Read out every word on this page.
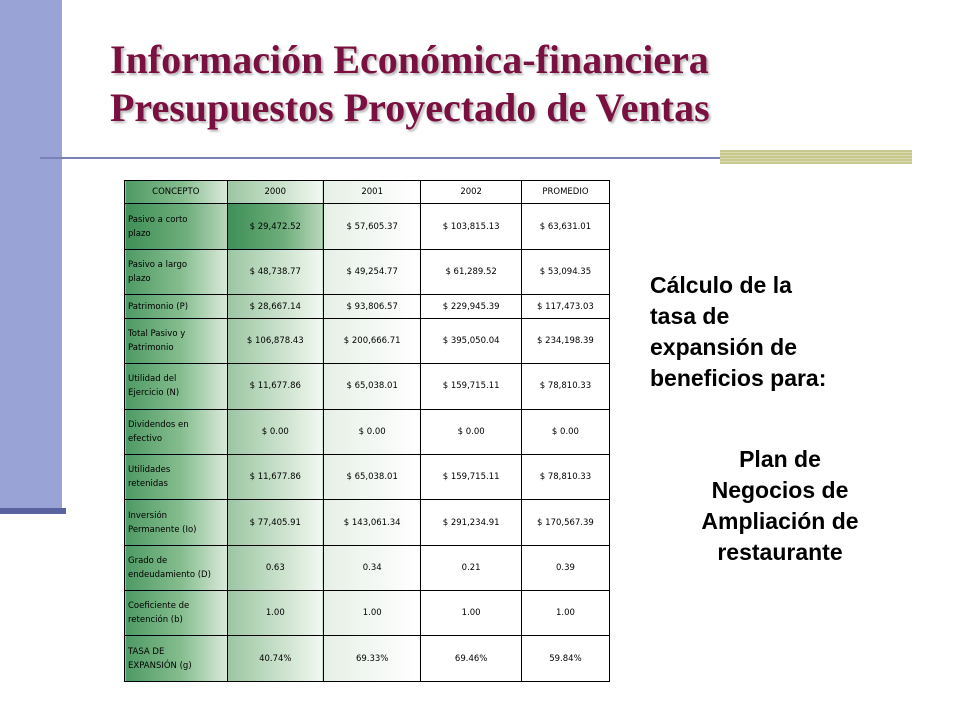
Información Económica-financiera
Presupuestos Proyectado de Ventas
CONCEPTO	2000	2001	2002	PROMEDIO

Pasivo a corto
plazo	$ 29,472.52	$ 57,605.37	$ 103,815.13	$ 63,631.01

Pasivo a largo
plazo	$ 48,738.77	$ 49,254.77	$ 61,289.52	$ 53,094.35

Patrimonio (P)	$ 28,667.14	$ 93,806.57	$ 229,945.39	$ 117,473.03

Total Pasivo y
Patrimonio	$ 106,878.43	$ 200,666.71	$ 395,050.04	$ 234,198.39

Utilidad del
Ejercicio (N)	$ 11,677.86	$ 65,038.01	$ 159,715.11	$ 78,810.33

Dividendos en
efectivo	$ 0.00	$ 0.00	$ 0.00	$ 0.00

Utilidades
retenidas	$ 11,677.86	$ 65,038.01	$ 159,715.11	$ 78,810.33

Inversión
Permanente (Io)	$ 77,405.91	$ 143,061.34	$ 291,234.91	$ 170,567.39

Grado de
endeudamiento (D)	0.63	0.34	0.21	0.39

Coeficiente de
retención (b)	1.00	1.00	1.00	1.00

TASA DE
EXPANSIÓN (g)	40.74%	69.33%	69.46%	59.84%
Cálculo de la
tasa de
expansión de
beneficios para:
Plan de
Negocios de
Ampliación de
restaurante
